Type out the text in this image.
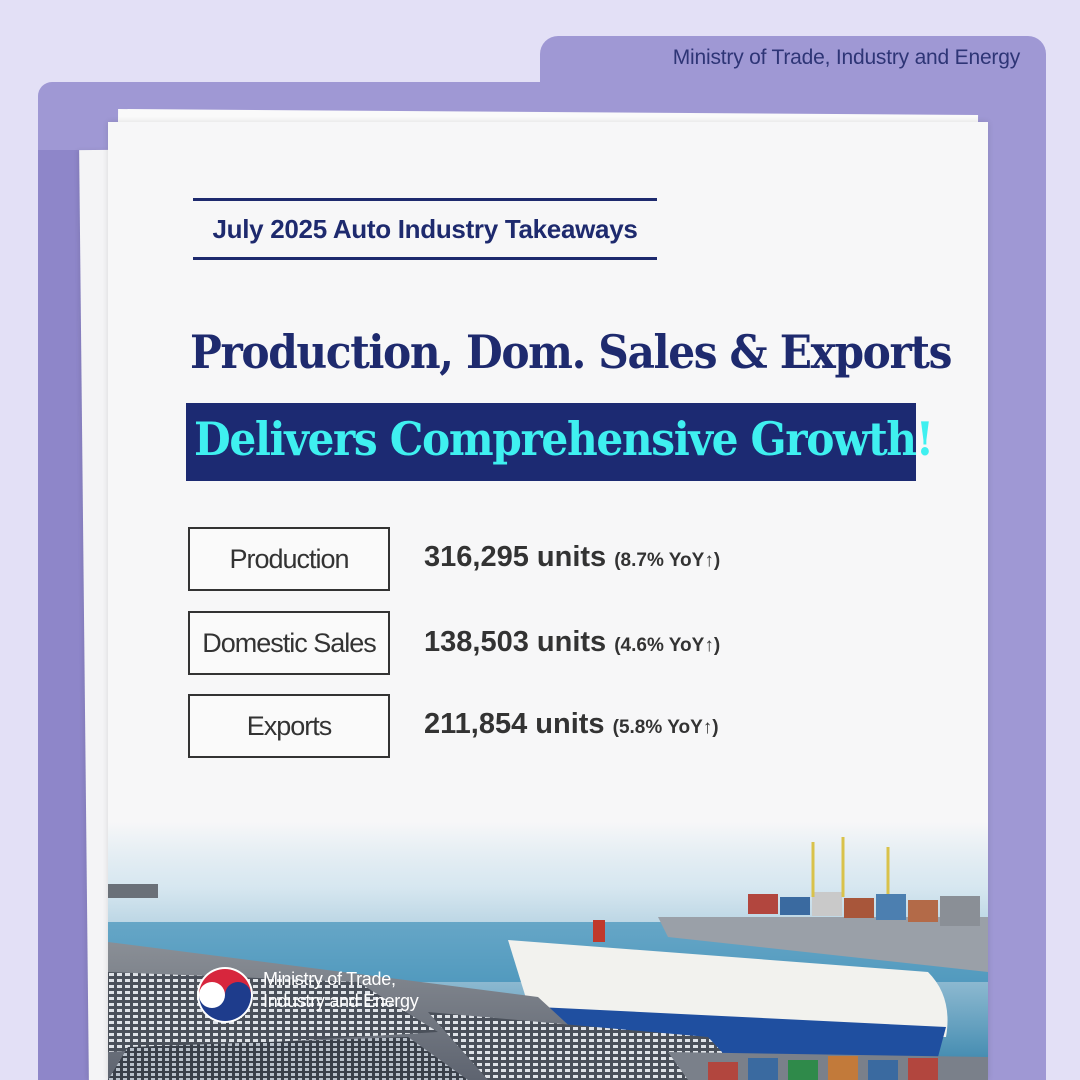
Ministry of Trade, Industry and Energy
July 2025 Auto Industry Takeaways
Production, Dom. Sales & Exports
Delivers Comprehensive Growth!
Production	316,295 units (8.7% YoY↑)
Domestic Sales	138,503 units (4.6% YoY↑)
Exports	211,854 units (5.8% YoY↑)
Ministry of Trade,
Industry and Energy
